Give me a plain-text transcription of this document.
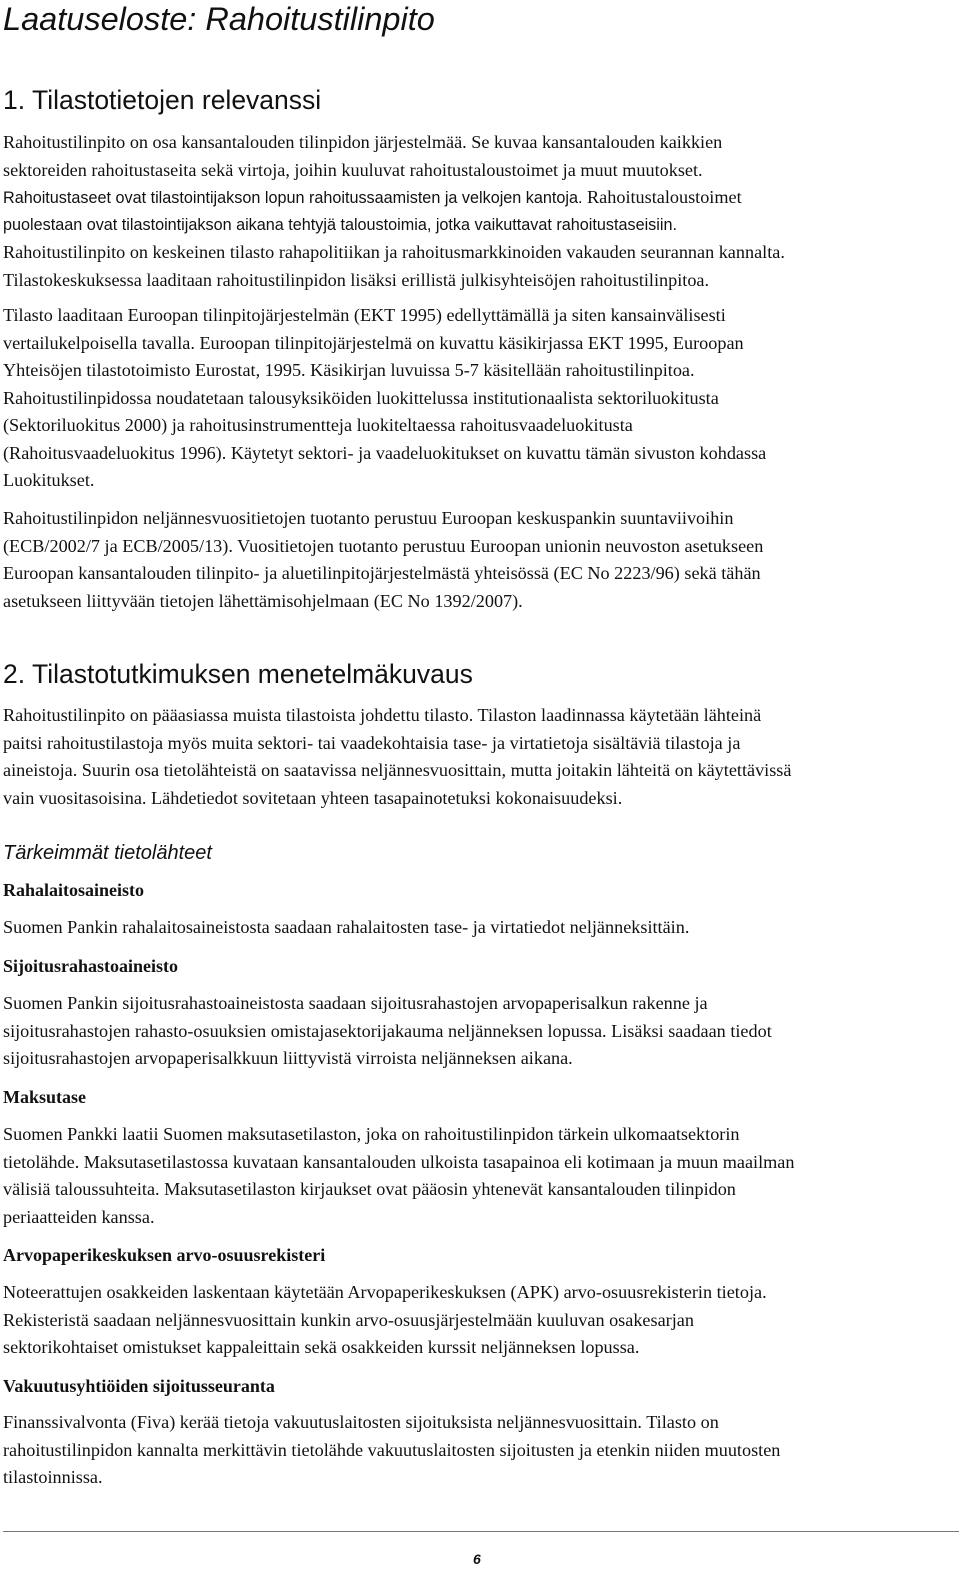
Laatuseloste: Rahoitustilinpito
1. Tilastotietojen relevanssi
Rahoitustilinpito on osa kansantalouden tilinpidon järjestelmää. Se kuvaa kansantalouden kaikkien
sektoreiden rahoitustaseita sekä virtoja, joihin kuuluvat rahoitustaloustoimet ja muut muutokset.
Rahoitustaseet ovat tilastointijakson lopun rahoitussaamisten ja velkojen kantoja. Rahoitustaloustoimet
puolestaan ovat tilastointijakson aikana tehtyjä taloustoimia, jotka vaikuttavat rahoitustaseisiin.
Rahoitustilinpito on keskeinen tilasto rahapolitiikan ja rahoitusmarkkinoiden vakauden seurannan kannalta.
Tilastokeskuksessa laaditaan rahoitustilinpidon lisäksi erillistä julkisyhteisöjen rahoitustilinpitoa.
Tilasto laaditaan Euroopan tilinpitojärjestelmän (EKT 1995) edellyttämällä ja siten kansainvälisesti
vertailukelpoisella tavalla. Euroopan tilinpitojärjestelmä on kuvattu käsikirjassa EKT 1995, Euroopan
Yhteisöjen tilastotoimisto Eurostat, 1995. Käsikirjan luvuissa 5-7 käsitellään rahoitustilinpitoa.
Rahoitustilinpidossa noudatetaan talousyksiköiden luokittelussa institutionaalista sektoriluokitusta
(Sektoriluokitus 2000) ja rahoitusinstrumentteja luokiteltaessa rahoitusvaadeluokitusta
(Rahoitusvaadeluokitus 1996). Käytetyt sektori- ja vaadeluokitukset on kuvattu tämän sivuston kohdassa
Luokitukset.
Rahoitustilinpidon neljännesvuositietojen tuotanto perustuu Euroopan keskuspankin suuntaviivoihin
(ECB/2002/7 ja ECB/2005/13). Vuositietojen tuotanto perustuu Euroopan unionin neuvoston asetukseen
Euroopan kansantalouden tilinpito- ja aluetilinpitojärjestelmästä yhteisössä (EC No 2223/96) sekä tähän
asetukseen liittyvään tietojen lähettämisohjelmaan (EC No 1392/2007).
2. Tilastotutkimuksen menetelmäkuvaus
Rahoitustilinpito on pääasiassa muista tilastoista johdettu tilasto. Tilaston laadinnassa käytetään lähteinä
paitsi rahoitustilastoja myös muita sektori- tai vaadekohtaisia tase- ja virtatietoja sisältäviä tilastoja ja
aineistoja. Suurin osa tietolähteistä on saatavissa neljännesvuosittain, mutta joitakin lähteitä on käytettävissä
vain vuositasoisina. Lähdetiedot sovitetaan yhteen tasapainotetuksi kokonaisuudeksi.
Tärkeimmät tietolähteet
Rahalaitosaineisto
Suomen Pankin rahalaitosaineistosta saadaan rahalaitosten tase- ja virtatiedot neljänneksittäin.
Sijoitusrahastoaineisto
Suomen Pankin sijoitusrahastoaineistosta saadaan sijoitusrahastojen arvopaperisalkun rakenne ja
sijoitusrahastojen rahasto-osuuksien omistajasektorijakauma neljänneksen lopussa. Lisäksi saadaan tiedot
sijoitusrahastojen arvopaperisalkkuun liittyvistä virroista neljänneksen aikana.
Maksutase
Suomen Pankki laatii Suomen maksutasetilaston, joka on rahoitustilinpidon tärkein ulkomaatsektorin
tietolähde. Maksutasetilastossa kuvataan kansantalouden ulkoista tasapainoa eli kotimaan ja muun maailman
välisiä taloussuhteita. Maksutasetilaston kirjaukset ovat pääosin yhtenevät kansantalouden tilinpidon
periaatteiden kanssa.
Arvopaperikeskuksen arvo-osuusrekisteri
Noteerattujen osakkeiden laskentaan käytetään Arvopaperikeskuksen (APK) arvo-osuusrekisterin tietoja.
Rekisteristä saadaan neljännesvuosittain kunkin arvo-osuusjärjestelmään kuuluvan osakesarjan
sektorikohtaiset omistukset kappaleittain sekä osakkeiden kurssit neljänneksen lopussa.
Vakuutusyhtiöiden sijoitusseuranta
Finanssivalvonta (Fiva) kerää tietoja vakuutuslaitosten sijoituksista neljännesvuosittain. Tilasto on
rahoitustilinpidon kannalta merkittävin tietolähde vakuutuslaitosten sijoitusten ja etenkin niiden muutosten
tilastoinnissa.
6
